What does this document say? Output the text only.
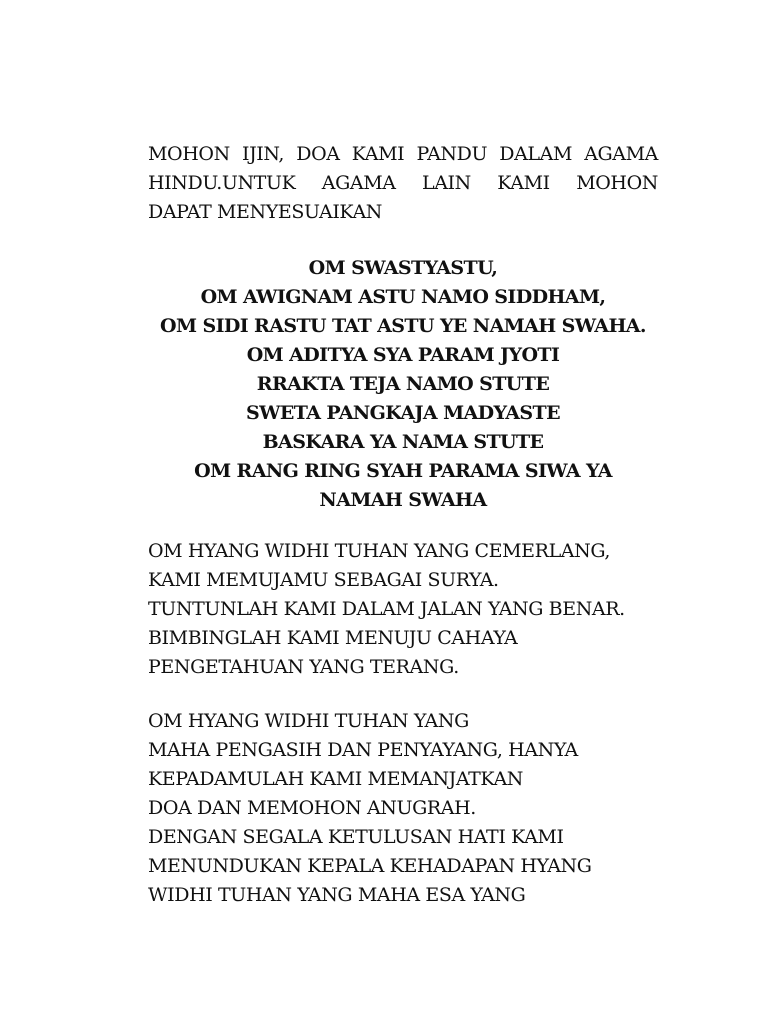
MOHON IJIN, DOA KAMI PANDU DALAM AGAMA
HINDU.UNTUK AGAMA LAIN KAMI MOHON
DAPAT MENYESUAIKAN
OM SWASTYASTU,
OM AWIGNAM ASTU NAMO SIDDHAM,
OM SIDI RASTU TAT ASTU YE NAMAH SWAHA.
OM ADITYA SYA PARAM JYOTI
RRAKTA TEJA NAMO STUTE
SWETA PANGKAJA MADYASTE
BASKARA YA NAMA STUTE
OM RANG RING SYAH PARAMA SIWA YA
NAMAH SWAHA
OM HYANG WIDHI TUHAN YANG CEMERLANG,
KAMI MEMUJAMU SEBAGAI SURYA.
TUNTUNLAH KAMI DALAM JALAN YANG BENAR.
BIMBINGLAH KAMI MENUJU CAHAYA
PENGETAHUAN YANG TERANG.
OM HYANG WIDHI TUHAN YANG
MAHA PENGASIH DAN PENYAYANG, HANYA
KEPADAMULAH KAMI MEMANJATKAN
DOA DAN MEMOHON ANUGRAH.
DENGAN SEGALA KETULUSAN HATI KAMI
MENUNDUKAN KEPALA KEHADAPAN HYANG
WIDHI TUHAN YANG MAHA ESA YANG
